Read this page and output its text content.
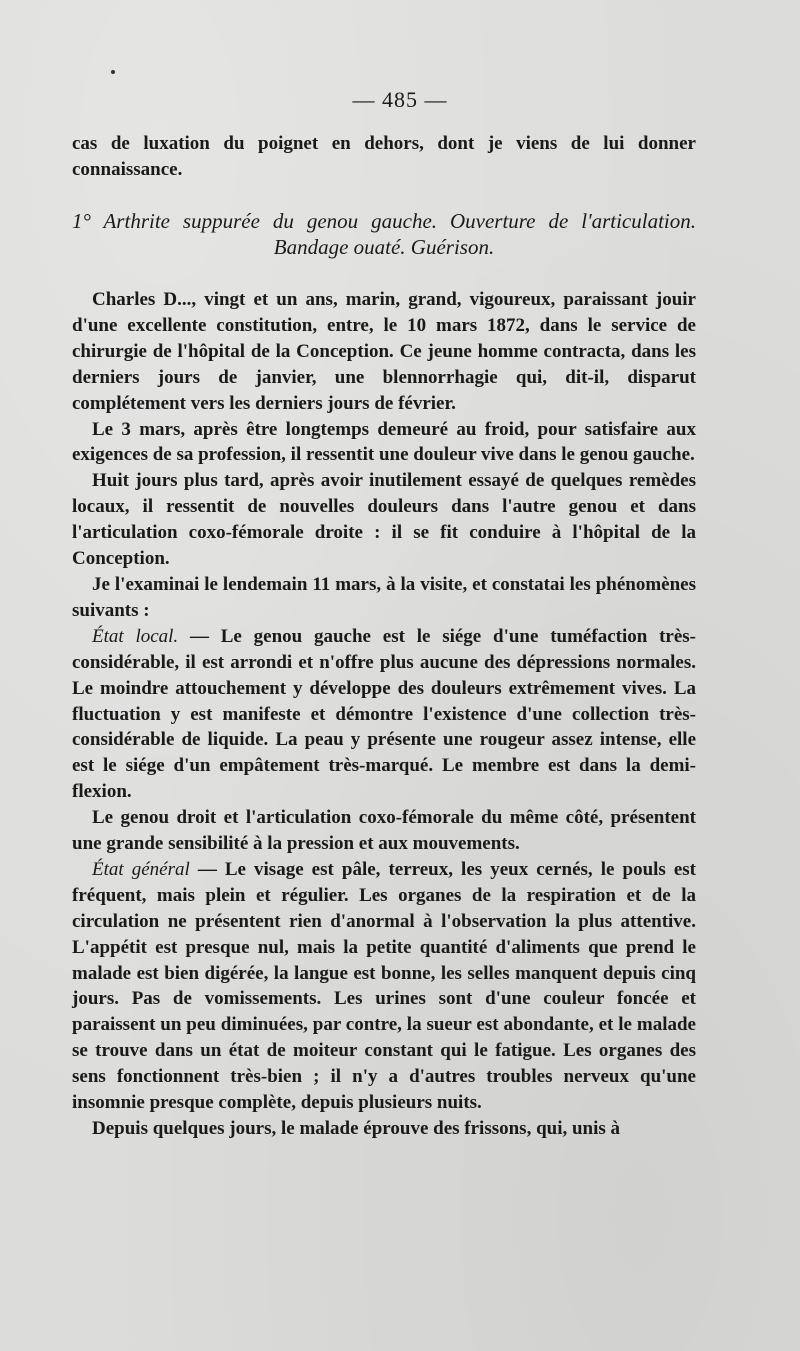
— 485 —

cas de luxation du poignet en dehors, dont je viens de lui donner connaissance.

1° Arthrite suppurée du genou gauche. Ouverture de l'articulation. Bandage ouaté. Guérison.

Charles D..., vingt et un ans, marin, grand, vigoureux, paraissant jouir d'une excellente constitution, entre, le 10 mars 1872, dans le service de chirurgie de l'hôpital de la Conception. Ce jeune homme contracta, dans les derniers jours de janvier, une blennorrhagie qui, dit-il, disparut complétement vers les derniers jours de février.

Le 3 mars, après être longtemps demeuré au froid, pour satisfaire aux exigences de sa profession, il ressentit une douleur vive dans le genou gauche.

Huit jours plus tard, après avoir inutilement essayé de quelques remèdes locaux, il ressentit de nouvelles douleurs dans l'autre genou et dans l'articulation coxo-fémorale droite : il se fit conduire à l'hôpital de la Conception.

Je l'examinai le lendemain 11 mars, à la visite, et constatai les phénomènes suivants :

État local. — Le genou gauche est le siége d'une tuméfaction très-considérable, il est arrondi et n'offre plus aucune des dépressions normales. Le moindre attouchement y développe des douleurs extrêmement vives. La fluctuation y est manifeste et démontre l'existence d'une collection très-considérable de liquide. La peau y présente une rougeur assez intense, elle est le siége d'un empâtement très-marqué. Le membre est dans la demi-flexion.

Le genou droit et l'articulation coxo-fémorale du même côté, présentent une grande sensibilité à la pression et aux mouvements.

État général — Le visage est pâle, terreux, les yeux cernés, le pouls est fréquent, mais plein et régulier. Les organes de la respiration et de la circulation ne présentent rien d'anormal à l'observation la plus attentive. L'appétit est presque nul, mais la petite quantité d'aliments que prend le malade est bien digérée, la langue est bonne, les selles manquent depuis cinq jours. Pas de vomissements. Les urines sont d'une couleur foncée et paraissent un peu diminuées, par contre, la sueur est abondante, et le malade se trouve dans un état de moiteur constant qui le fatigue. Les organes des sens fonctionnent très-bien ; il n'y a d'autres troubles nerveux qu'une insomnie presque complète, depuis plusieurs nuits.

Depuis quelques jours, le malade éprouve des frissons, qui, unis à
